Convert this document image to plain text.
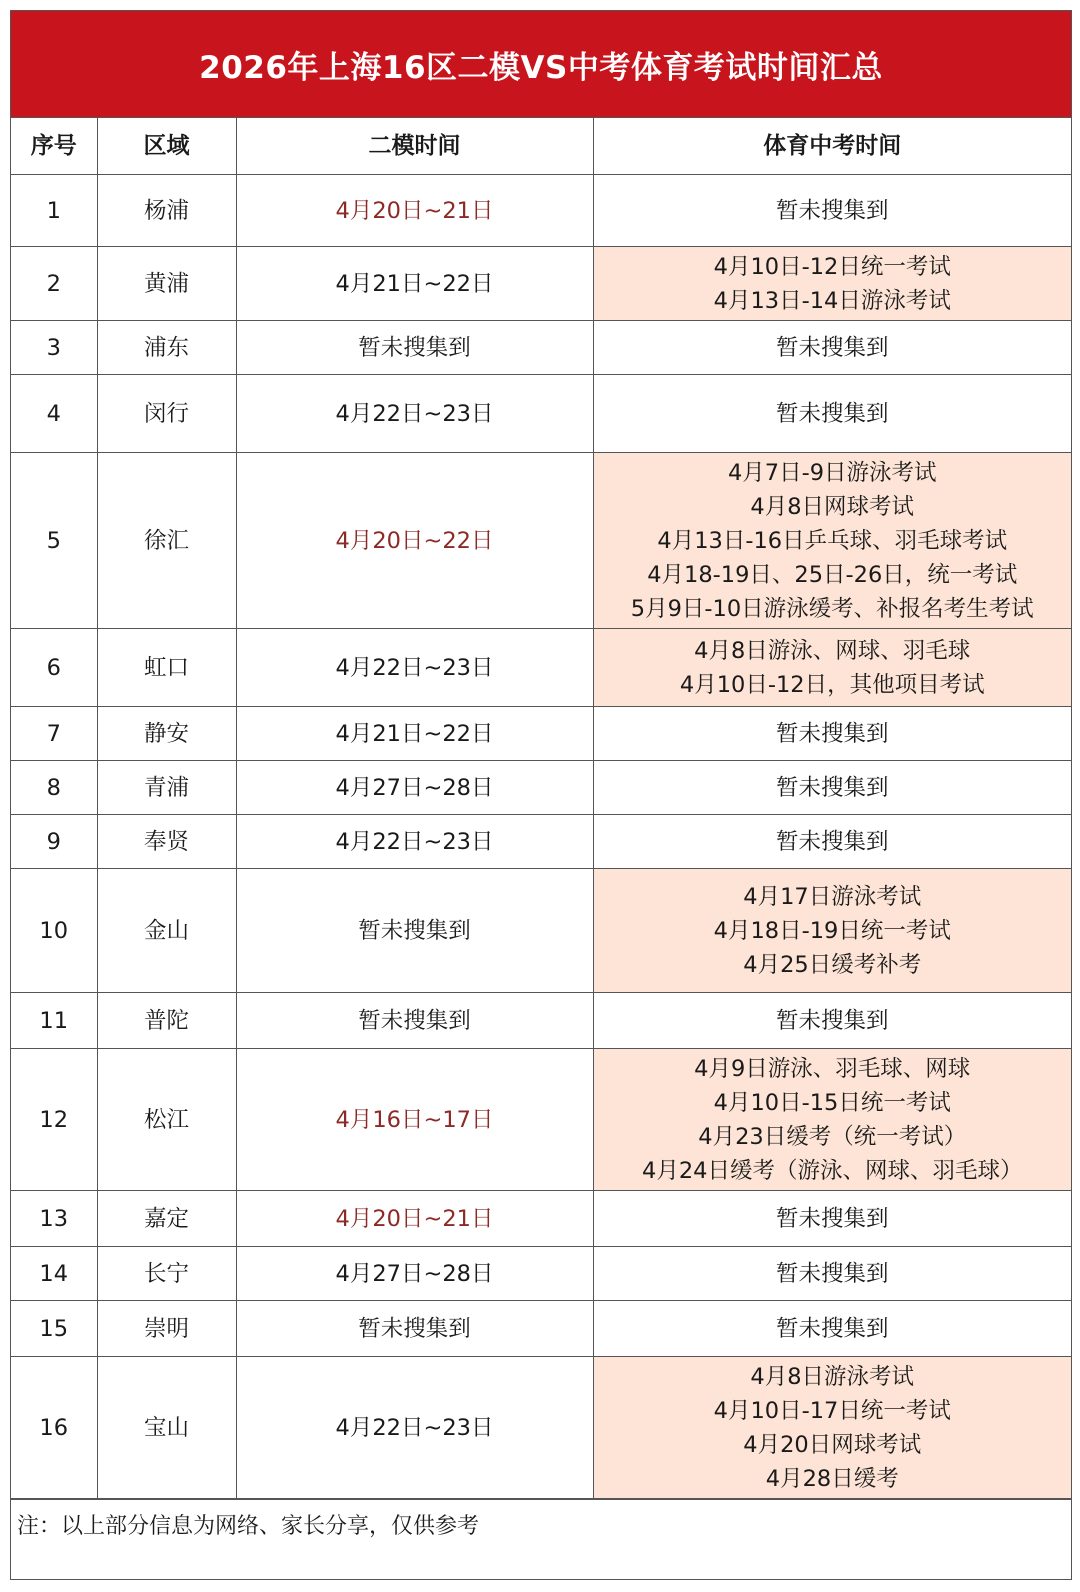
2026年上海16区二模VS中考体育考试时间汇总
序号	区域	二模时间	体育中考时间
1	杨浦	4月20日~21日	暂未搜集到

2	黄浦	4月21日~22日	4月10日-12日统一考试
4月13日-14日游泳考试

3	浦东	暂未搜集到	暂未搜集到

4	闵行	4月22日~23日	暂未搜集到

5	徐汇	4月20日~22日	4月7日-9日游泳考试
4月8日网球考试
4月13日-16日乒乓球、羽毛球考试
4月18-19日、25日-26日，统一考试
5月9日-10日游泳缓考、补报名考生考试

6	虹口	4月22日~23日	4月8日游泳、网球、羽毛球
4月10日-12日，其他项目考试

7	静安	4月21日~22日	暂未搜集到

8	青浦	4月27日~28日	暂未搜集到

9	奉贤	4月22日~23日	暂未搜集到

10	金山	暂未搜集到	4月17日游泳考试
4月18日-19日统一考试
4月25日缓考补考

11	普陀	暂未搜集到	暂未搜集到

12	松江	4月16日~17日	4月9日游泳、羽毛球、网球
4月10日-15日统一考试
4月23日缓考（统一考试）
4月24日缓考（游泳、网球、羽毛球）

13	嘉定	4月20日~21日	暂未搜集到

14	长宁	4月27日~28日	暂未搜集到

15	崇明	暂未搜集到	暂未搜集到

16	宝山	4月22日~23日	4月8日游泳考试
4月10日-17日统一考试
4月20日网球考试
4月28日缓考
注：以上部分信息为网络、家长分享，仅供参考
